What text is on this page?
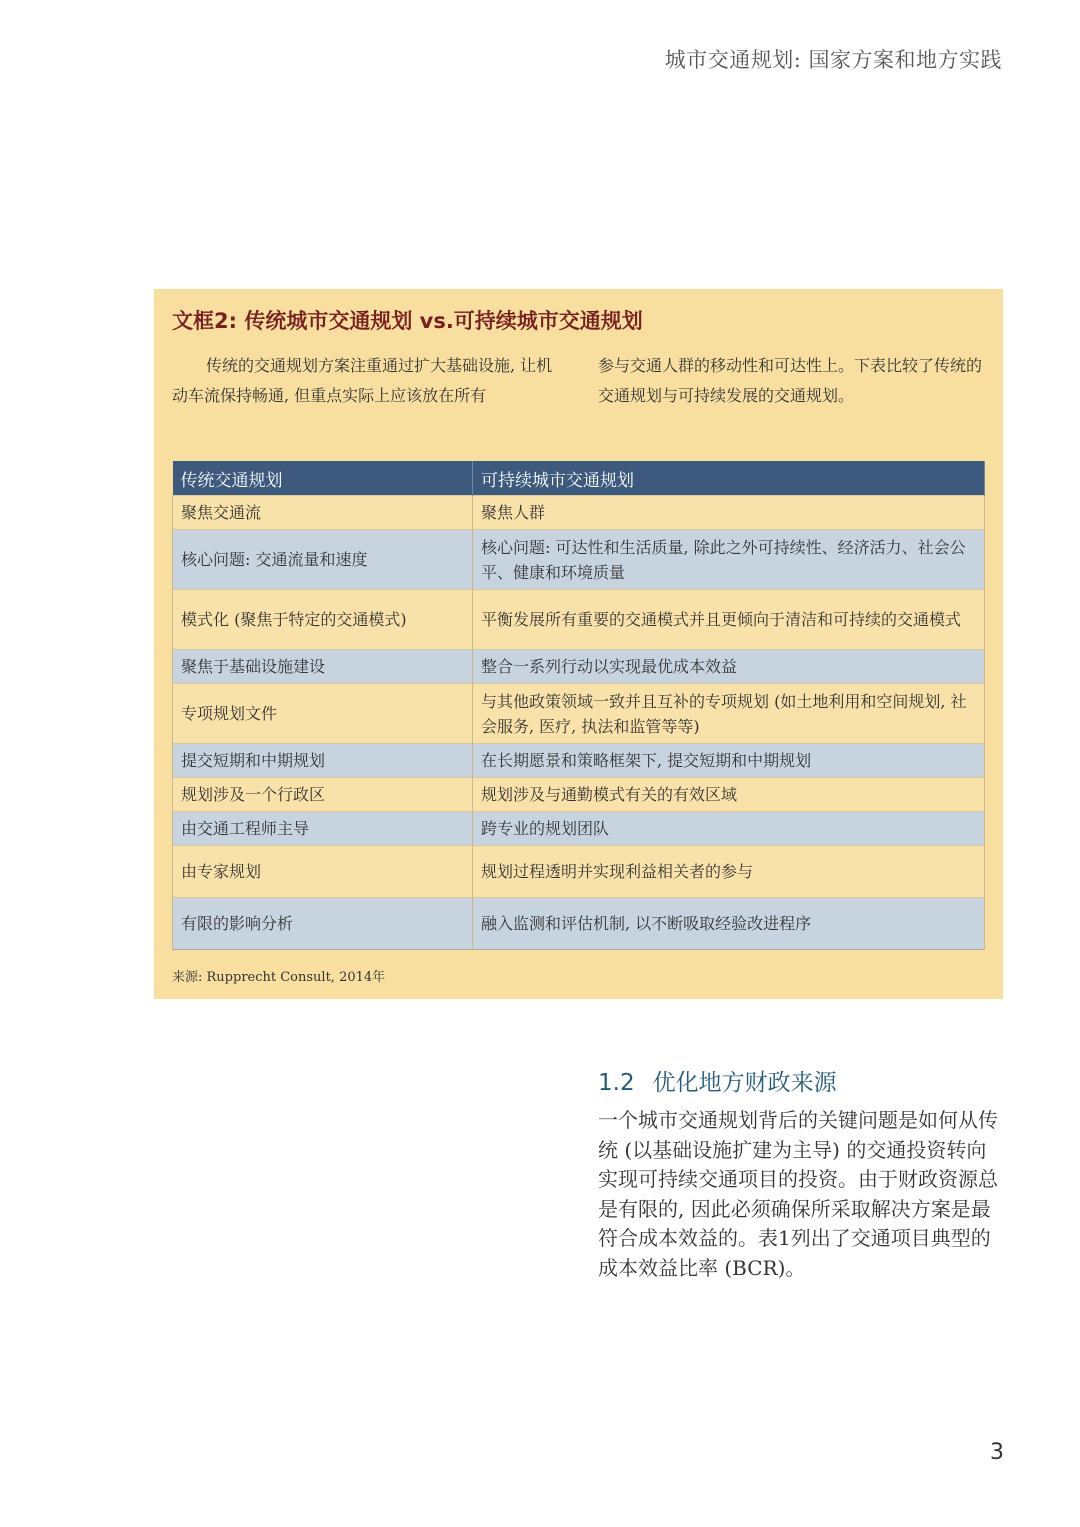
城市交通规划: 国家方案和地方实践
文框2: 传统城市交通规划 vs.可持续城市交通规划
传统的交通规划方案注重通过扩大基础设施, 让机动车流保持畅通, 但重点实际上应该放在所有
参与交通人群的移动性和可达性上。下表比较了传统的交通规划与可持续发展的交通规划。
传统交通规划	可持续城市交通规划
聚焦交通流	聚焦人群
核心问题: 交通流量和速度	核心问题: 可达性和生活质量, 除此之外可持续性、经济活力、社会公平、健康和环境质量
模式化 (聚焦于特定的交通模式)	平衡发展所有重要的交通模式并且更倾向于清洁和可持续的交通模式
聚焦于基础设施建设	整合一系列行动以实现最优成本效益
专项规划文件	与其他政策领域一致并且互补的专项规划 (如土地利用和空间规划, 社会服务, 医疗, 执法和监管等等)
提交短期和中期规划	在长期愿景和策略框架下, 提交短期和中期规划
规划涉及一个行政区	规划涉及与通勤模式有关的有效区域
由交通工程师主导	跨专业的规划团队
由专家规划	规划过程透明并实现利益相关者的参与
有限的影响分析	融入监测和评估机制, 以不断吸取经验改进程序
来源: Rupprecht Consult, 2014年
1.2 优化地方财政来源
一个城市交通规划背后的关键问题是如何从传统 (以基础设施扩建为主导) 的交通投资转向实现可持续交通项目的投资。由于财政资源总是有限的, 因此必须确保所采取解决方案是最符合成本效益的。表1列出了交通项目典型的成本效益比率 (BCR)。
3
